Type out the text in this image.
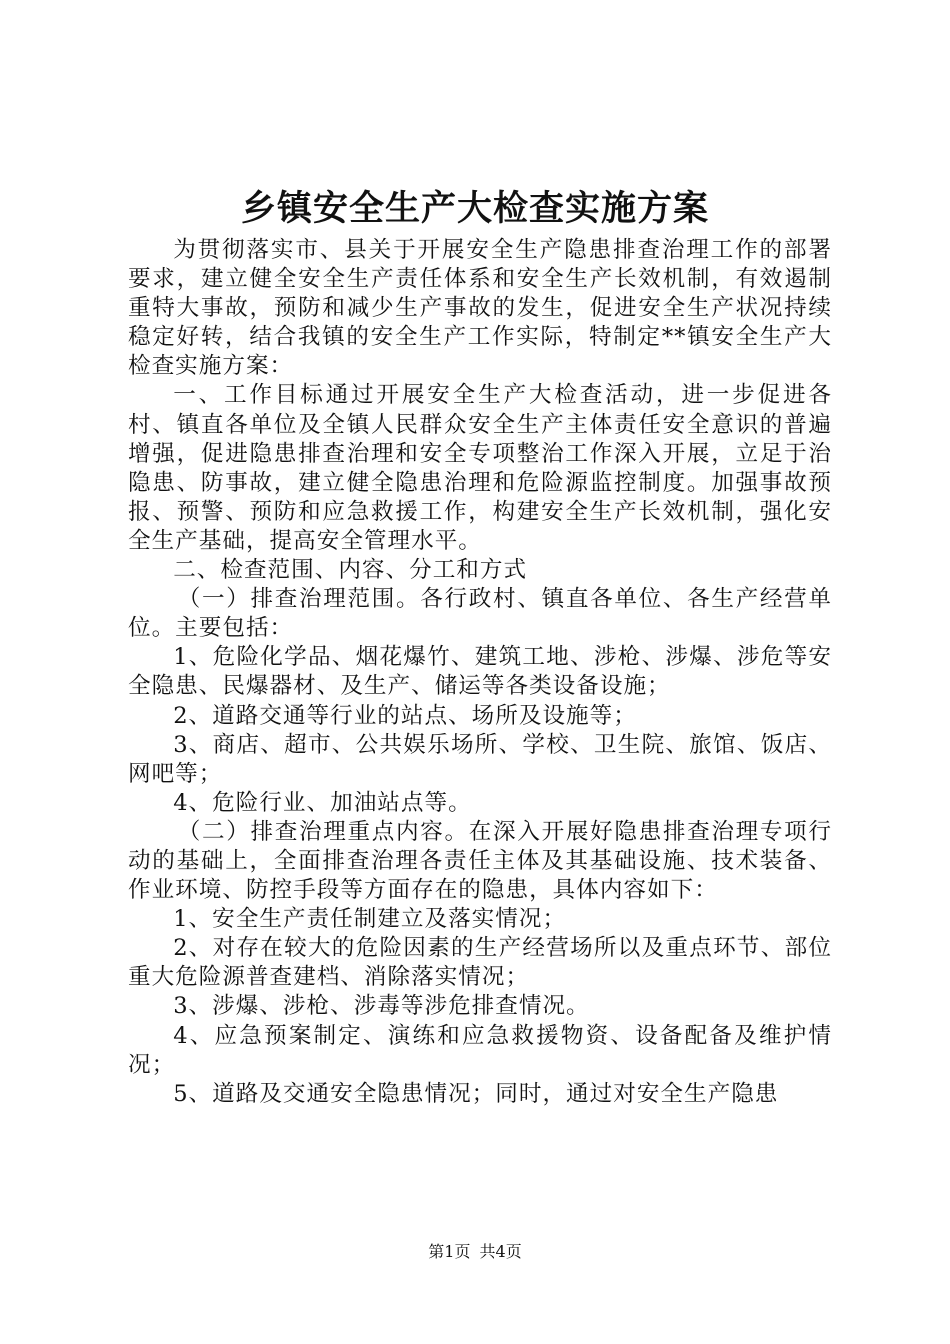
乡镇安全生产大检查实施方案

为贯彻落实市、县关于开展安全生产隐患排查治理工作的部署要求，建立健全安全生产责任体系和安全生产长效机制，有效遏制重特大事故，预防和减少生产事故的发生，促进安全生产状况持续稳定好转，结合我镇的安全生产工作实际，特制定**镇安全生产大检查实施方案：

一、工作目标通过开展安全生产大检查活动，进一步促进各村、镇直各单位及全镇人民群众安全生产主体责任安全意识的普遍增强，促进隐患排查治理和安全专项整治工作深入开展，立足于治隐患、防事故，建立健全隐患治理和危险源监控制度。加强事故预报、预警、预防和应急救援工作，构建安全生产长效机制，强化安全生产基础，提高安全管理水平。

二、检查范围、内容、分工和方式

（一）排查治理范围。各行政村、镇直各单位、各生产经营单位。主要包括：

1、危险化学品、烟花爆竹、建筑工地、涉枪、涉爆、涉危等安全隐患、民爆器材、及生产、储运等各类设备设施；

2、道路交通等行业的站点、场所及设施等；

3、商店、超市、公共娱乐场所、学校、卫生院、旅馆、饭店、网吧等；

4、危险行业、加油站点等。

（二）排查治理重点内容。在深入开展好隐患排查治理专项行动的基础上，全面排查治理各责任主体及其基础设施、技术装备、作业环境、防控手段等方面存在的隐患，具体内容如下：

1、安全生产责任制建立及落实情况；

2、对存在较大的危险因素的生产经营场所以及重点环节、部位重大危险源普查建档、消除落实情况；

3、涉爆、涉枪、涉毒等涉危排查情况。

4、应急预案制定、演练和应急救援物资、设备配备及维护情况；

5、道路及交通安全隐患情况；同时，通过对安全生产隐患

第1页 共4页
